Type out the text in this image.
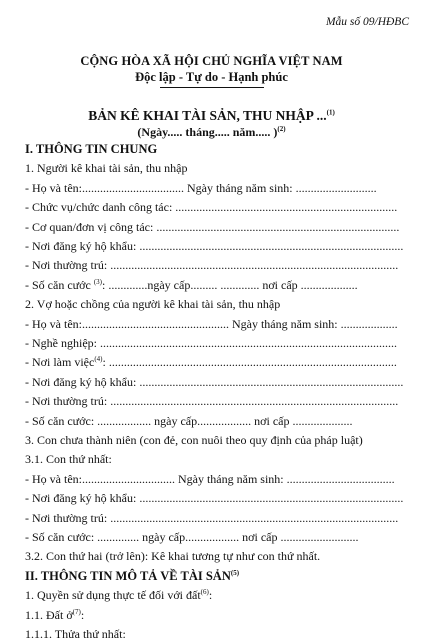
Mẫu số 09/HĐBC
CỘNG HÒA XÃ HỘI CHỦ NGHĨA VIỆT NAM
Độc lập - Tự do - Hạnh phúc
BẢN KÊ KHAI TÀI SẢN, THU NHẬP ...$^{(1)}$
(Ngày..... tháng..... năm..... )$^{(2)}$
I. THÔNG TIN CHUNG
1. Người kê khai tài sản, thu nhập
- Họ và tên:.................................. Ngày tháng năm sinh: ...........................
- Chức vụ/chức danh công tác: ..........................................................................
- Cơ quan/đơn vị công tác: .................................................................................
- Nơi đăng ký hộ khẩu: ........................................................................................
- Nơi thường trú: ................................................................................................
- Số căn cước $^{(3)}$: .............ngày cấp......... ............. nơi cấp ...................
2. Vợ hoặc chồng của người kê khai tài sản, thu nhập
- Họ và tên:................................................. Ngày tháng năm sinh: ...................
- Nghề nghiệp: ...................................................................................................
- Nơi làm việc$^{(4)}$: ................................................................................................
- Nơi đăng ký hộ khẩu: ........................................................................................
- Nơi thường trú: ................................................................................................
- Số căn cước: .................. ngày cấp.................. nơi cấp ....................
3. Con chưa thành niên (con đẻ, con nuôi theo quy định của pháp luật)
3.1. Con thứ nhất:
- Họ và tên:............................... Ngày tháng năm sinh: ....................................
- Nơi đăng ký hộ khẩu: ........................................................................................
- Nơi thường trú: ................................................................................................
- Số căn cước: .............. ngày cấp.................. nơi cấp ..........................
3.2. Con thứ hai (trở lên): Kê khai tương tự như con thứ nhất.
II. THÔNG TIN MÔ TẢ VỀ TÀI SẢN$^{(5)}$
1. Quyền sử dụng thực tế đối với đất$^{(6)}$:
1.1. Đất ở$^{(7)}$:
1.1.1. Thửa thứ nhất:
